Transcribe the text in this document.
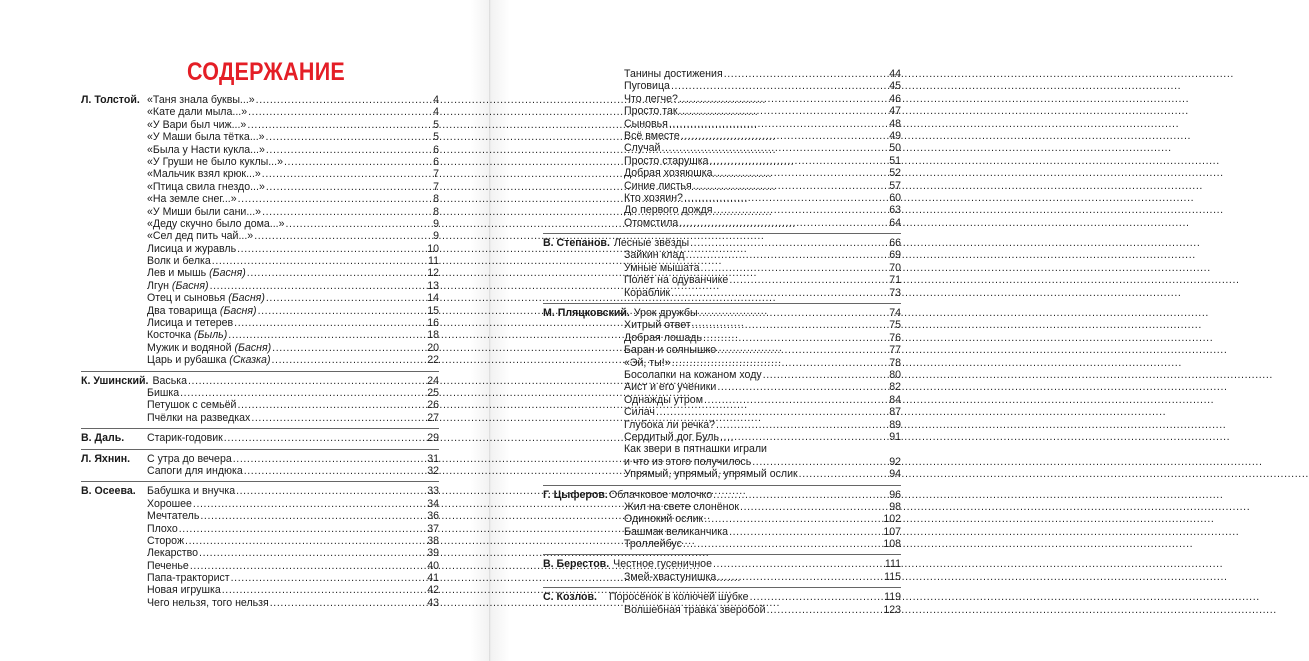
СОДЕРЖАНИЕ
Л. Толстой. «Таня знала буквы...» .....	4
«Кате дали мыла...» .....	4
«У Вари был чиж...» .....	5
«У Маши была тётка...» .....	5
«Была у Насти кукла...» .....	6
«У Груши не было куклы...» .....	6
«Мальчик взял крюк...» .....	7
«Птица свила гнездо...» .....	7
«На земле снег...» .....	8
«У Миши были сани...» .....	8
«Деду скучно было дома...» .....	9
«Сел дед пить чай...» .....	9
Лисица и журавль .....	10
Волк и белка .....	11
Лев и мышь (Басня) .....	12
Лгун (Басня) .....	13
Отец и сыновья (Басня) .....	14
Два товарища (Басня) .....	15
Лисица и тетерев .....	16
Косточка (Быль) .....	18
Мужик и водяной (Басня) .....	20
Царь и рубашка (Сказка) .....	22
К. Ушинский. Васька .....	24
Бишка .....	25
Петушок с семьёй .....	26
Пчёлки на разведках .....	27
В. Даль.	Старик-годовик .....	29
Л. Яхнин.	С утра до вечера .....	31
Сапоги для индюка .....	32
В. Осеева.	Бабушка и внучка .....	33
Хорошее .....	34
Мечтатель .....	36
Плохо .....	37
Сторож .....	38
Лекарство .....	39
Печенье .....	40
Папа-тракторист .....	41
Новая игрушка .....	42
Чего нельзя, того нельзя .....	43
Танины достижения .....	44
Пуговица .....	45
Что легче? .....	46
Просто так .....	47
Сыновья .....	48
Всё вместе .....	49
Случай .....	50
Просто старушка .....	51
Добрая хозяюшка .....	52
Синие листья .....	57
Кто хозяин? .....	60
До первого дождя .....	63
Отомстила .....	64
В. Степанов. Лесные звёзды .....	66
Зайкин клад .....	69
Умные мышата .....	70
Полёт на одуванчике .....	71
Кораблик .....	73
М. Пляцковский. Урок дружбы .....	74
Хитрый ответ .....	75
Добрая лошадь .....	76
Баран и солнышко .....	77
«Эй, ты!» .....	78
Босолапки на кожаном ходу .....	80
Аист и его ученики .....	82
Однажды утром .....	84
Силач .....	87
Глубока ли речка? .....	89
Сердитый дог Буль .....	91
Как звери в пятнашки играли
и что из этого получилось .....	92
Упрямый, упрямый, упрямый ослик .....	94
Г. Цыферов. Облачковое молочко .....	96
Жил на свете слонёнок .....	98
Одинокий ослик .....	102
Башмак великанчика .....	107
Троллейбус .....	108
В. Берестов. Честное гусеничное .....	111
Змей-хвастунишка .....	115
С. Козлов.	Поросёнок в колючей шубке .....	119
Волшебная травка зверобой .....	123
